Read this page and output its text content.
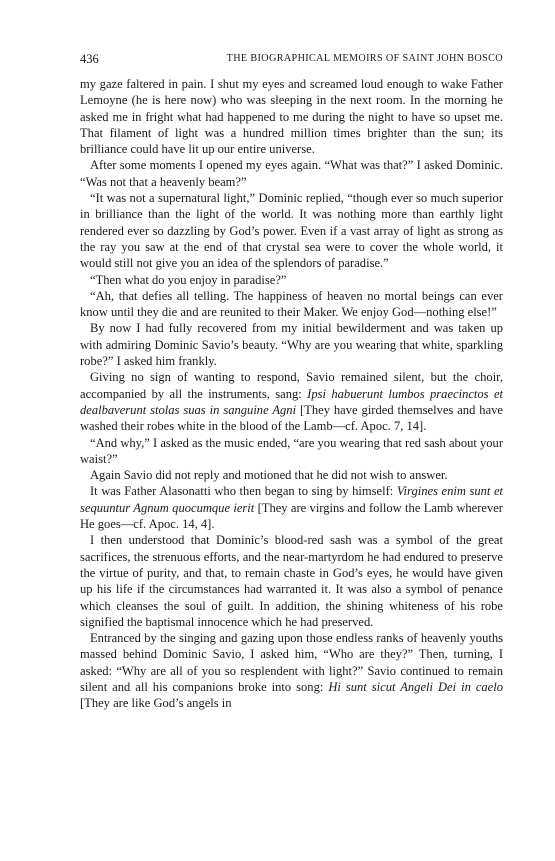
436	THE BIOGRAPHICAL MEMOIRS OF SAINT JOHN BOSCO

my gaze faltered in pain. I shut my eyes and screamed loud enough to wake Father Lemoyne (he is here now) who was sleeping in the next room. In the morning he asked me in fright what had happened to me during the night to have so upset me. That filament of light was a hundred million times brighter than the sun; its brilliance could have lit up our entire universe.

After some moments I opened my eyes again. “What was that?” I asked Dominic. “Was not that a heavenly beam?”

“It was not a supernatural light,” Dominic replied, “though ever so much superior in brilliance than the light of the world. It was nothing more than earthly light rendered ever so dazzling by God’s power. Even if a vast array of light as strong as the ray you saw at the end of that crystal sea were to cover the whole world, it would still not give you an idea of the splendors of paradise.”

“Then what do you enjoy in paradise?”

“Ah, that defies all telling. The happiness of heaven no mortal beings can ever know until they die and are reunited to their Maker. We enjoy God—nothing else!”

By now I had fully recovered from my initial bewilderment and was taken up with admiring Dominic Savio’s beauty. “Why are you wearing that white, sparkling robe?” I asked him frankly.

Giving no sign of wanting to respond, Savio remained silent, but the choir, accompanied by all the instruments, sang: Ipsi habuerunt lumbos praecinctos et dealbaverunt stolas suas in sanguine Agni [They have girded themselves and have washed their robes white in the blood of the Lamb—cf. Apoc. 7, 14].

“And why,” I asked as the music ended, “are you wearing that red sash about your waist?”

Again Savio did not reply and motioned that he did not wish to answer.

It was Father Alasonatti who then began to sing by himself: Virgines enim sunt et sequuntur Agnum quocumque ierit [They are virgins and follow the Lamb wherever He goes—cf. Apoc. 14, 4].

I then understood that Dominic’s blood-red sash was a symbol of the great sacrifices, the strenuous efforts, and the near-martyrdom he had endured to preserve the virtue of purity, and that, to remain chaste in God’s eyes, he would have given up his life if the circumstances had warranted it. It was also a symbol of penance which cleanses the soul of guilt. In addition, the shining whiteness of his robe signified the baptismal innocence which he had preserved.

Entranced by the singing and gazing upon those endless ranks of heavenly youths massed behind Dominic Savio, I asked him, “Who are they?” Then, turning, I asked: “Why are all of you so resplendent with light?” Savio continued to remain silent and all his companions broke into song: Hi sunt sicut Angeli Dei in caelo [They are like God’s angels in
